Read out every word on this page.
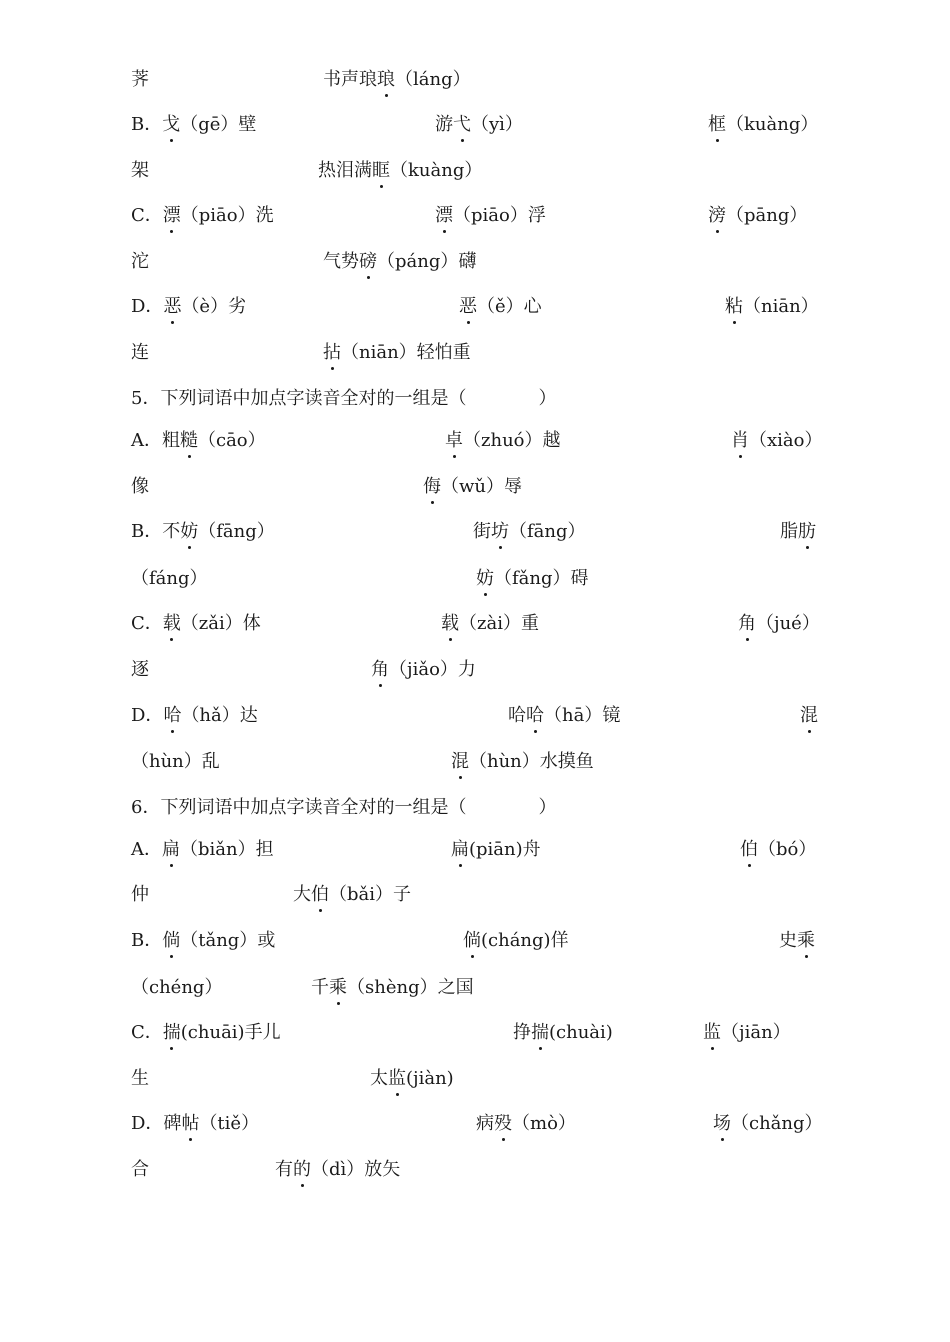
荠	书声琅琅（láng）
B．戈（gē）壁	游弋（yì）	框（kuàng）
架	热泪满眶（kuàng）
C．漂（piāo）洗	漂（piāo）浮	滂（pāng）
沱	气势磅（páng）礴
D．恶（è）劣	恶（ě）心	粘（niān）
连	拈（niān）轻怕重
5．下列词语中加点字读音全对的一组是（　　　　）
A．粗糙（cāo）	卓（zhuó）越	肖（xiào）
像	侮（wǔ）辱
B．不妨（fāng）	街坊（fāng）	脂肪
（fáng）	妨（fǎng）碍
C．载（zǎi）体	载（zài）重	角（jué）
逐	角（jiǎo）力
D．哈（hǎ）达	哈哈（hā）镜	混
（hùn）乱	混（hùn）水摸鱼
6．下列词语中加点字读音全对的一组是（　　　　）
A．扁（biǎn）担	扁(piān)舟	伯（bó）
仲	大伯（bǎi）子
B．倘（tǎng）或	倘(cháng)佯	史乘
（chéng）	千乘（shèng）之国
C．揣(chuāi)手儿	挣揣(chuài)	监（jiān）
生	太监(jiàn)
D．碑帖（tiě）	病殁（mò）	场（chǎng）
合	有的（dì）放矢
